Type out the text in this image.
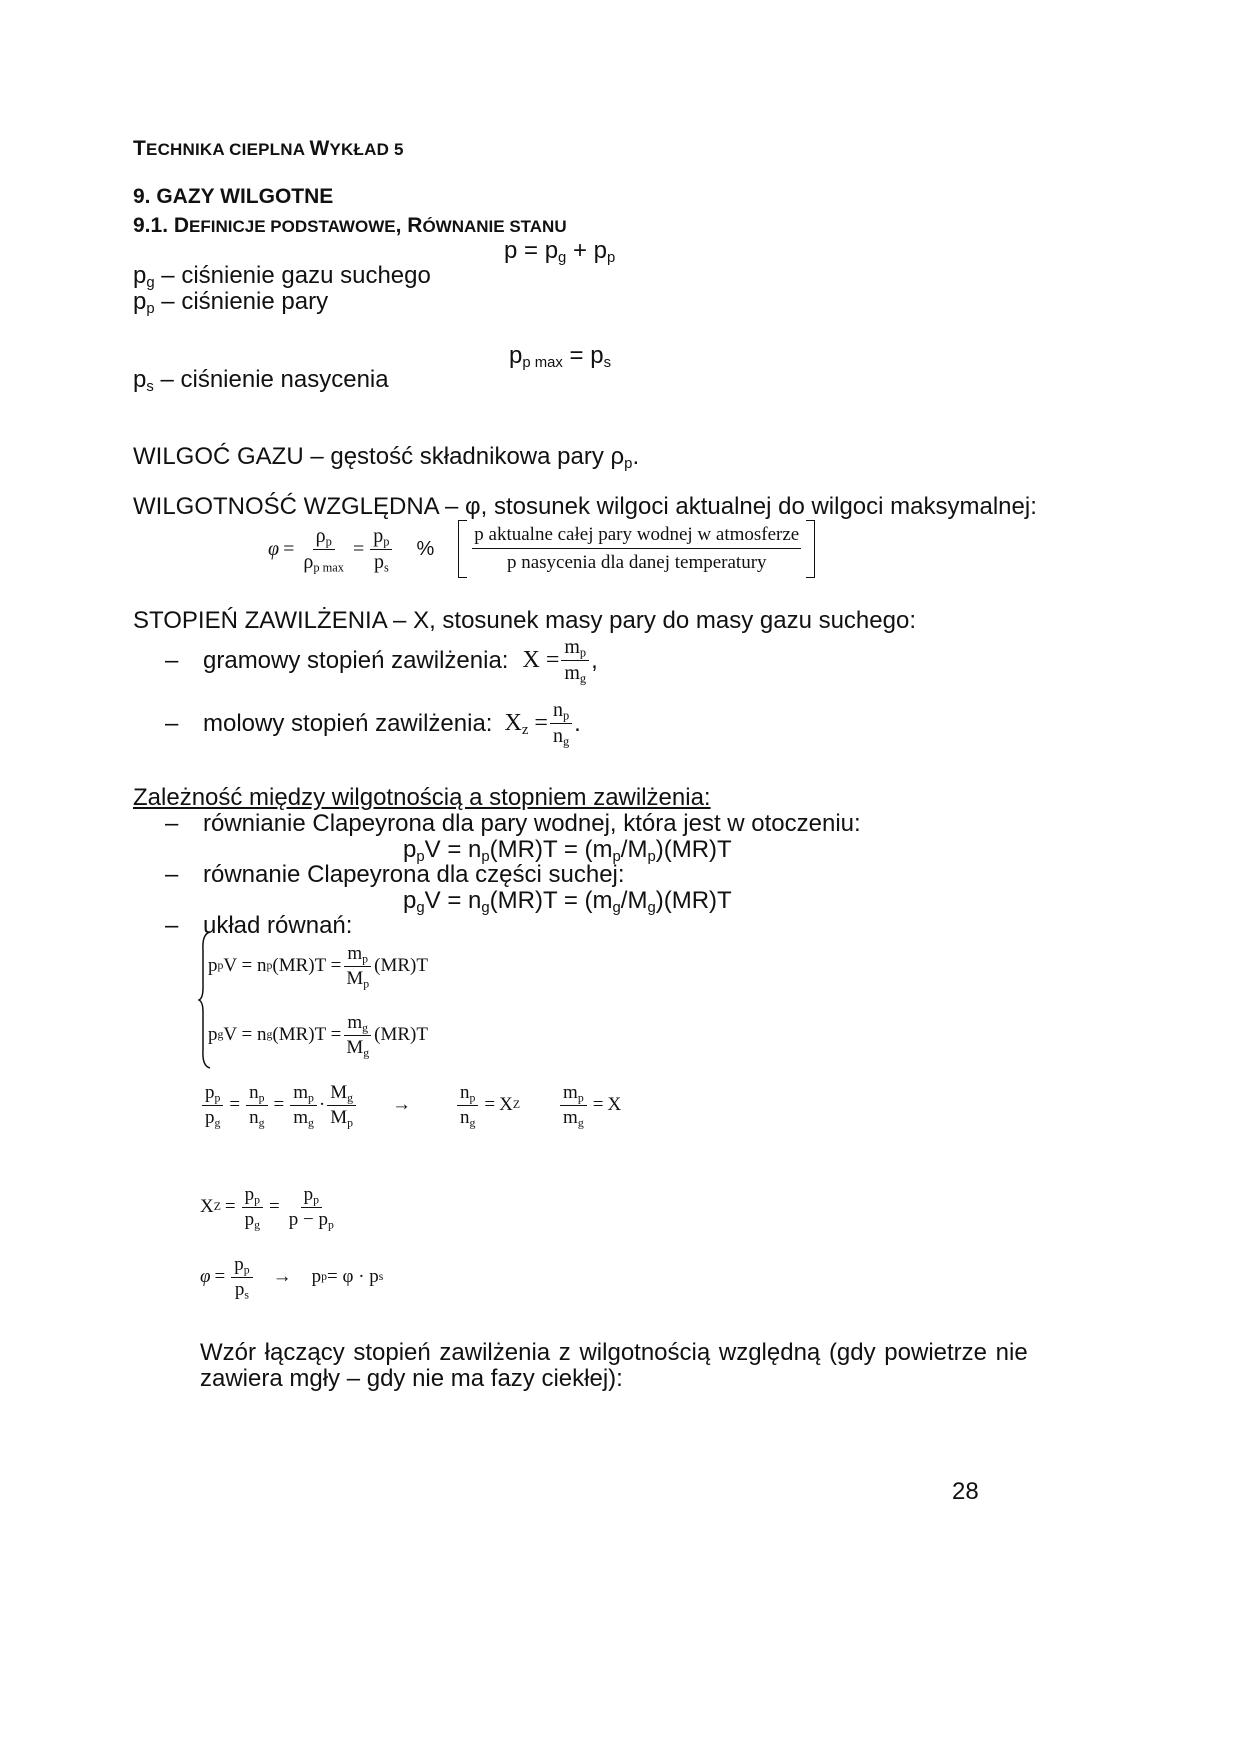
TECHNIKA CIEPLNA WYKŁAD 5
9. GAZY WILGOTNE
9.1. DEFINICJE PODSTAWOWE, RÓWNANIE STANU
$p = p_g + p_p$
$p_g$ – ciśnienie gazu suchego
$p_p$ – ciśnienie pary
$p_{p max} = p_s$
$p_s$ – ciśnienie nasycenia
WILGOĆ GAZU – gęstość składnikowa pary $\rho_p$.
WILGOTNOŚĆ WZGLĘDNA – φ, stosunek wilgoci aktualnej do wilgoci maksymalnej:
$\varphi = \frac{\rho_p}{\rho_{p max}} = \frac{p_p}{p_s}$ %
p aktualne całej pary wodnej w atmosferze
p nasycenia dla danej temperatury
STOPIEŃ ZAWILŻENIA – X, stosunek masy pary do masy gazu suchego:
–	gramowy stopień zawilżenia: $X = \frac{m_p}{m_g}$ ,
–	molowy stopień zawilżenia: $X_z = \frac{n_p}{n_g}$ .
Zależność między wilgotnością a stopniem zawilżenia:
– równianie Clapeyrona dla pary wodnej, która jest w otoczeniu:
$p_pV = n_p(MR)T = (m_p/M_p)(MR)T$
– równanie Clapeyrona dla części suchej:
$p_gV = n_g(MR)T = (m_g/M_g)(MR)T$
– układ równań:
p p V = n p $(MR)T = \frac{m_p}{M_p} (MR)T$
p g V = n g $(MR)T = \frac{m_g}{M_g} (MR)T$
$\frac{p_p}{p_g} = \frac{n_p}{n_g} = \frac{m_p}{m_g} \cdot \frac{M_g}{M_p} \to \frac{n_p}{n_g} = X$ Z $\frac{m_p}{m_g} = X$
X $Z = \frac{p_p}{p_g} = \frac{p_p}{p - p_p}$
$\varphi = \frac{p_p}{p_s} \to p$ p = φ · p s
Wzór łączący stopień zawilżenia z wilgotnością względną (gdy powietrze nie
zawiera mgły – gdy nie ma fazy ciekłej):
28
